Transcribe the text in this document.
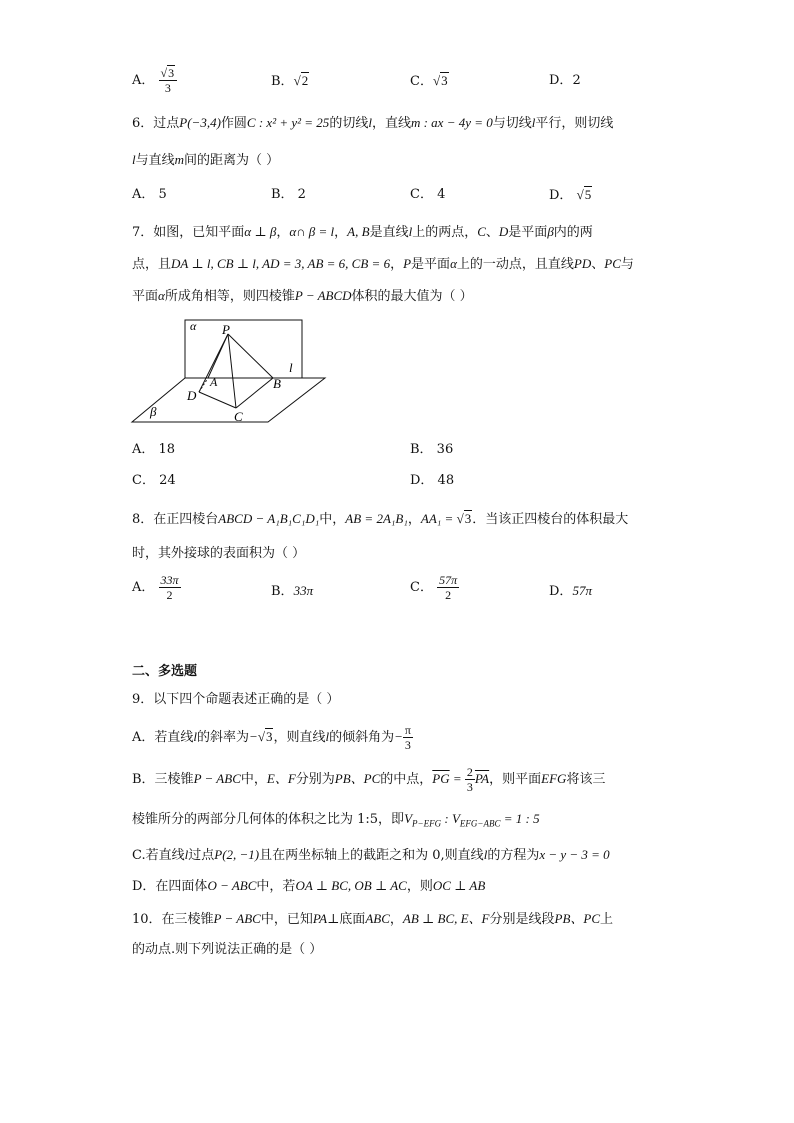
A． $\frac{√3}{3}$	B．√2	C．√3	D．2
6．过点P(−3,4)作圆C : x² + y² = 25的切线l，直线m : ax − 4y = 0与切线l平行，则切线
l与直线m间的距离为（ ）
A． 5	B． 2	C． 4	D． √5
7．如图，已知平面α ⊥ β，α∩ β = l，A, B是直线l上的两点，C、D是平面β内的两
点，且DA ⊥ l, CB ⊥ l, AD = 3, AB = 6, CB = 6，P是平面α上的一动点，且直线PD、PC与
平面α所成角相等，则四棱锥P − ABCD体积的最大值为（ ）
α P
l
A	B
D
C
β
A． 18	B． 36
C． 24	D． 48
8．在正四棱台ABCD − A₁B₁C₁D₁中，AB = 2A₁B₁，AA₁ = √3．当该正四棱台的体积最大
时，其外接球的表面积为（ ）
A． $\frac{33\pi}{2}$	B．33π	C． $\frac{57\pi}{2}$	D．57π
二、多选题
9．以下四个命题表述正确的是（ ）
A．若直线l的斜率为−√3，则直线l的倾斜角为− $\frac{\pi}{3}$
B．三棱锥P − ABC中，E、F分别为PB、PC的中点，$\overline{PG} = \frac{2}{3} \overline{PA}$，则平面EFG将该三
棱锥所分的两部分几何体的体积之比为 1:5，即$V_{P-EFG}$ : $V_{EFG-ABC} = 1$ : 5
C.若直线l过点P(2, −1)且在两坐标轴上的截距之和为 0,则直线l的方程为x − y − 3 = 0
D．在四面体O − ABC中，若OA ⊥ BC, OB ⊥ AC，则OC ⊥ AB
10．在三棱锥P − ABC中，已知PA⊥底面ABC，AB ⊥ BC, E、F分别是线段PB、PC上
的动点.则下列说法正确的是（ ）
